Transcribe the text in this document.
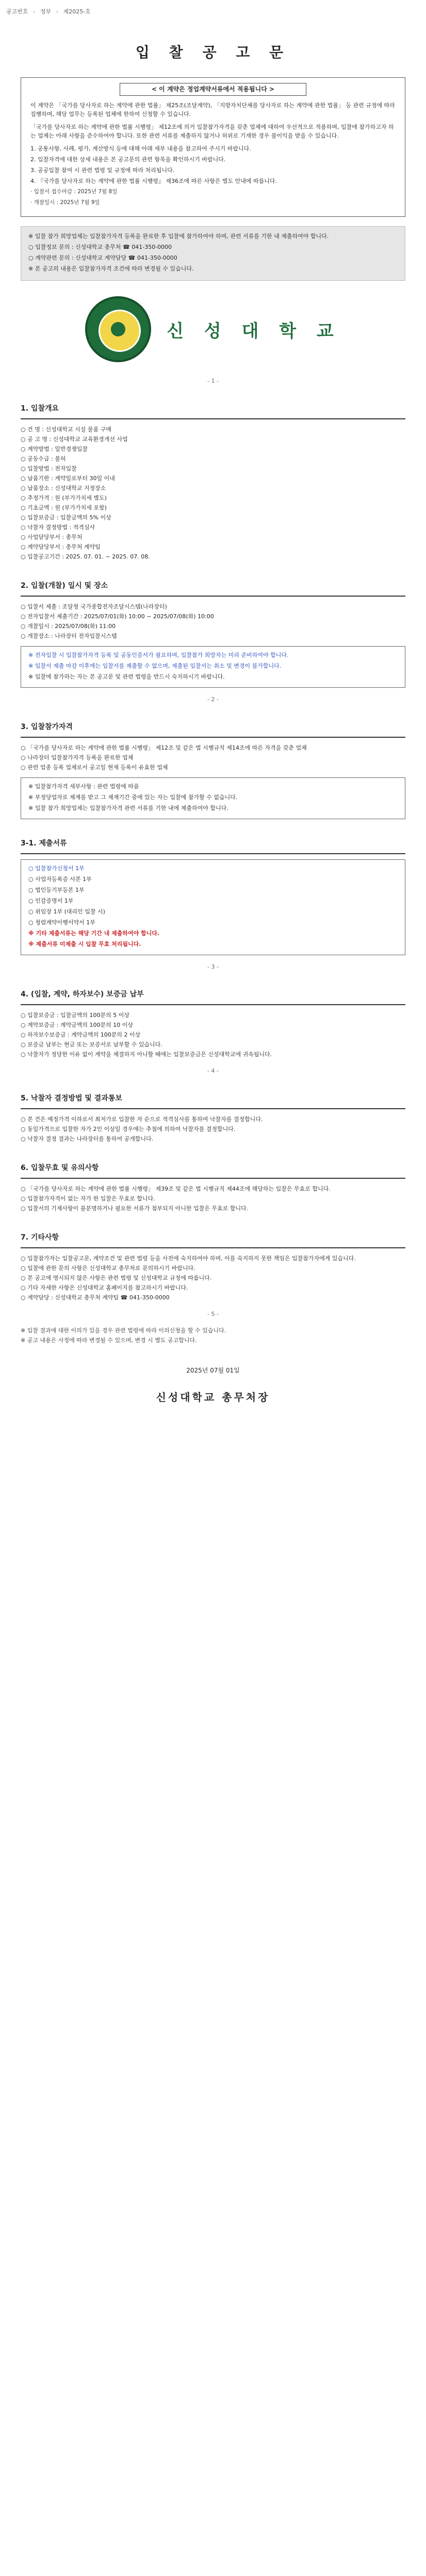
공고번호 › 정부 › 제2025-호
입 찰 공 고 문
< 이 계약은 정업계약서류에서 적용됩니다 >

이 계약은 「국가를 당사자로 하는 계약에 관한 법률」 제25조(조달계약), 「지방자치단체를 당사자로 하는 계약에 관한 법률」 등 관련 규정에 따라 집행하며, 해당 업무는 등록된 업체에 한하여 신청할 수 있습니다.

「국가를 당사자로 하는 계약에 관한 법률 시행령」 제12조에 의거 입찰참가자격을 갖춘 업체에 대하여 우선적으로 적용하며, 입찰에 참가하고자 하는 업체는 아래 사항을 준수하여야 합니다. 또한 관련 서류를 제출하지 않거나 허위로 기재한 경우 불이익을 받을 수 있습니다.

1. 공통사항, 사례, 평가, 계산방식 등에 대해 아래 세부 내용을 참고하여 주시기 바랍니다.

2. 입찰자격에 대한 상세 내용은 본 공고문의 관련 항목을 확인하시기 바랍니다.

3. 공공입찰 참여 시 관련 법령 및 규정에 따라 처리됩니다.

4. 『국가를 당사자로 하는 계약에 관한 법률 시행령』 제36조에 따른 사항은 별도 안내에 따릅니다.

· 입찰서 접수마감 : 2025년 7월 8일

· 개찰일시 : 2025년 7월 9일

※ 입찰 참가 희망업체는 입찰참가자격 등록을 완료한 후 입찰에 참가하여야 하며, 관련 서류를 기한 내 제출하여야 합니다.

○ 입찰정보 문의 : 신성대학교 총무처 ☎ 041-350-0000

○ 계약관련 문의 : 신성대학교 계약담당 ☎ 041-350-0000

※ 본 공고의 내용은 입찰참가자격 조건에 따라 변경될 수 있습니다.

신 성 대 학 교
- 1 -
1. 입찰개요

○ 건 명 : 신성대학교 시설 물품 구매

○ 공 고 명 : 신성대학교 교육환경개선 사업

○ 계약방법 : 일반경쟁입찰

○ 공동수급 : 불허

○ 입찰방법 : 전자입찰

○ 납품기한 : 계약일로부터 30일 이내

○ 납품장소 : 신성대학교 지정장소

○ 추정가격 : 원 (부가가치세 별도)

○ 기초금액 : 원 (부가가치세 포함)

○ 입찰보증금 : 입찰금액의 5% 이상

○ 낙찰자 결정방법 : 적격심사

○ 사업담당부서 : 총무처

○ 계약담당부서 : 총무처 계약팀

○ 입찰공고기간 : 2025. 07. 01. ~ 2025. 07. 08.

2. 입찰(개찰) 일시 및 장소

○ 입찰서 제출 : 조달청 국가종합전자조달시스템(나라장터)

○ 전자입찰서 제출기간 : 2025/07/01(화) 10:00 ~ 2025/07/08(화) 10:00

○ 개찰일시 : 2025/07/08(화) 11:00

○ 개찰장소 : 나라장터 전자입찰시스템

※ 전자입찰 시 입찰참가자격 등록 및 공동인증서가 필요하며, 입찰참가 희망자는 미리 준비하여야 합니다.

※ 입찰서 제출 마감 이후에는 입찰서를 제출할 수 없으며, 제출된 입찰서는 취소 및 변경이 불가합니다.

※ 입찰에 참가하는 자는 본 공고문 및 관련 법령을 반드시 숙지하시기 바랍니다.

- 2 -
3. 입찰참가자격

○ 「국가를 당사자로 하는 계약에 관한 법률 시행령」 제12조 및 같은 법 시행규칙 제14조에 따른 자격을 갖춘 업체

○ 나라장터 입찰참가자격 등록을 완료한 업체

○ 관련 업종 등록 업체로서 공고일 현재 등록이 유효한 업체

※ 입찰참가자격 세부사항 : 관련 법령에 따름

※ 부정당업자로 제재를 받고 그 제재기간 중에 있는 자는 입찰에 참가할 수 없습니다.

※ 입찰 참가 희망업체는 입찰참가자격 관련 서류를 기한 내에 제출하여야 합니다.

3-1. 제출서류

○ 입찰참가신청서 1부

○ 사업자등록증 사본 1부

○ 법인등기부등본 1부

○ 인감증명서 1부

○ 위임장 1부 (대리인 입찰 시)

○ 청렴계약이행서약서 1부

※ 기타 제출서류는 해당 기간 내 제출하여야 합니다.

※ 제출서류 미제출 시 입찰 무효 처리됩니다.

- 3 -
4. (입찰, 계약, 하자보수) 보증금 납부

○ 입찰보증금 : 입찰금액의 100분의 5 이상

○ 계약보증금 : 계약금액의 100분의 10 이상

○ 하자보수보증금 : 계약금액의 100분의 2 이상

○ 보증금 납부는 현금 또는 보증서로 납부할 수 있습니다.

○ 낙찰자가 정당한 이유 없이 계약을 체결하지 아니할 때에는 입찰보증금은 신성대학교에 귀속됩니다.

- 4 -
5. 낙찰자 결정방법 및 결과통보

○ 본 건은 예정가격 이하로서 최저가로 입찰한 자 순으로 적격심사를 통하여 낙찰자를 결정합니다.

○ 동일가격으로 입찰한 자가 2인 이상일 경우에는 추첨에 의하여 낙찰자를 결정합니다.

○ 낙찰자 결정 결과는 나라장터를 통하여 공개합니다.

6. 입찰무효 및 유의사항

○ 「국가를 당사자로 하는 계약에 관한 법률 시행령」 제39조 및 같은 법 시행규칙 제44조에 해당하는 입찰은 무효로 합니다.

○ 입찰참가자격이 없는 자가 한 입찰은 무효로 합니다.

○ 입찰서의 기재사항이 불분명하거나 필요한 서류가 첨부되지 아니한 입찰은 무효로 합니다.

7. 기타사항

○ 입찰참가자는 입찰공고문, 계약조건 및 관련 법령 등을 사전에 숙지하여야 하며, 이를 숙지하지 못한 책임은 입찰참가자에게 있습니다.

○ 입찰에 관한 문의 사항은 신성대학교 총무처로 문의하시기 바랍니다.

○ 본 공고에 명시되지 않은 사항은 관련 법령 및 신성대학교 규정에 따릅니다.

○ 기타 자세한 사항은 신성대학교 홈페이지를 참고하시기 바랍니다.

○ 계약담당 : 신성대학교 총무처 계약팀 ☎ 041-350-0000

- 5 -

※ 입찰 결과에 대한 이의가 있을 경우 관련 법령에 따라 이의신청을 할 수 있습니다.

※ 공고 내용은 사정에 따라 변경될 수 있으며, 변경 시 별도 공고합니다.

2025년 07월 01일
신성대학교 총무처장
